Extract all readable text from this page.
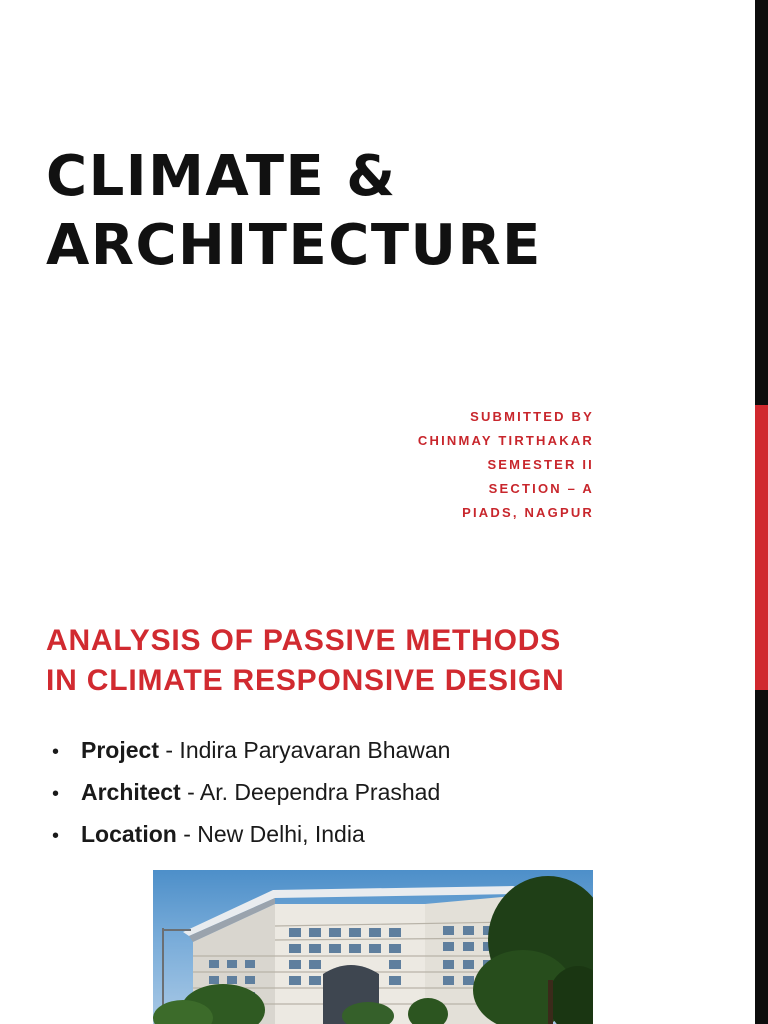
CLIMATE &
ARCHITECTURE
SUBMITTED BY
CHINMAY TIRTHAKAR
SEMESTER II
SECTION – A
PIADS, NAGPUR
ANALYSIS OF PASSIVE METHODS
IN CLIMATE RESPONSIVE DESIGN
• Project - Indira Paryavaran Bhawan
• Architect - Ar. Deependra Prashad
• Location - New Delhi, India
